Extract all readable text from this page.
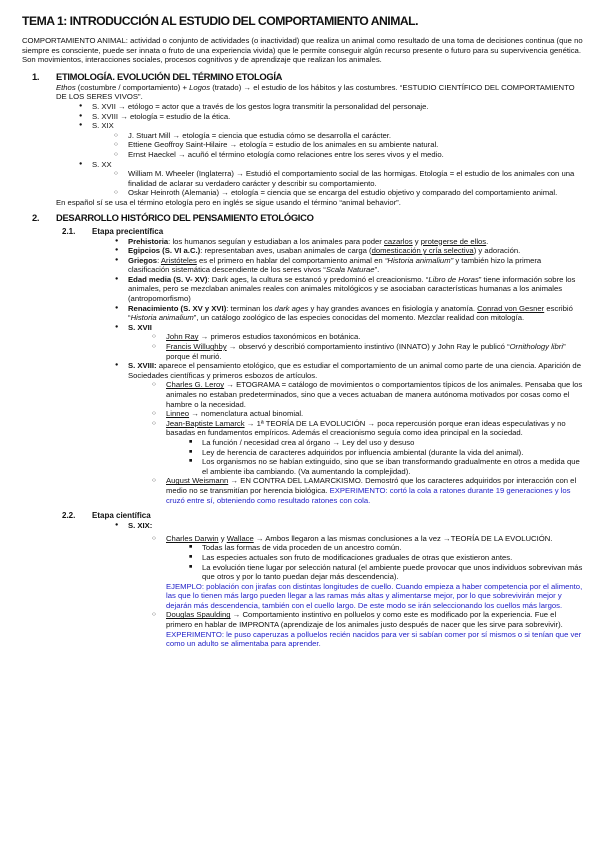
TEMA 1: INTRODUCCIÓN AL ESTUDIO DEL COMPORTAMIENTO ANIMAL.

COMPORTAMIENTO ANIMAL: actividad o conjunto de actividades (o inactividad) que realiza un animal como resultado de una toma de decisiones continua (que no siempre es consciente, puede ser innata o fruto de una experiencia vivida) que le permite conseguir algún recurso presente o futuro para su supervivencia genética. Son movimientos, interacciones sociales, procesos cognitivos y de aprendizaje que realizan los animales.

1. ETIMOLOGÍA. EVOLUCIÓN DEL TÉRMINO ETOLOGÍA

Ethos (costumbre / comportamiento) + Logos (tratado) → el estudio de los hábitos y las costumbres. “ESTUDIO CIENTÍFICO DEL COMPORTAMIENTO DE LOS SERES VIVOS”.

● S. XVII → etólogo = actor que a través de los gestos logra transmitir la personalidad del personaje.
● S. XVIII → etología = estudio de la ética.
● S. XIX
○ J. Stuart Mill → etología = ciencia que estudia cómo se desarrolla el carácter.
○ Ettiene Geoffroy Saint-Hilaire → etología = estudio de los animales en su ambiente natural.
○ Ernst Haeckel → acuñó el término etología como relaciones entre los seres vivos y el medio.
● S. XX
○ William M. Wheeler (Inglaterra) → Estudió el comportamiento social de las hormigas. Etología = el estudio de los animales con una finalidad de aclarar su verdadero carácter y describir su comportamiento.
○ Oskar Heinroth (Alemania) → etología = ciencia que se encarga del estudio objetivo y comparado del comportamiento animal.

En español sí se usa el término etología pero en inglés se sigue usando el término “animal behavior”.

2. DESARROLLO HISTÓRICO DEL PENSAMIENTO ETOLÓGICO
2.1. Etapa precientífica
● Prehistoria: los humanos seguían y estudiaban a los animales para poder cazarlos y protegerse de ellos.
● Egipcios (S. VI a.C.): representaban aves, usaban animales de carga (domesticación y cría selectiva) y adoración.
● Griegos: Aristóteles es el primero en hablar del comportamiento animal en “Historia animalium” y también hizo la primera clasificación sistemática descendiente de los seres vivos “Scala Naturae”.
● Edad media (S. V- XV): Dark ages, la cultura se estancó y predominó el creacionismo. “Libro de Horas” tiene información sobre los animales, pero se mezclaban animales reales con animales mitológicos y se asociaban características humanas a los animales (antropomorfismo)
● Renacimiento (S. XV y XVI): terminan los dark ages y hay grandes avances en fisiología y anatomía. Conrad von Gesner escribió “Historia animalium”, un catálogo zoológico de las especies conocidas del momento. Mezclar realidad con mitología.
● S. XVII
○ John Ray → primeros estudios taxonómicos en botánica.
○ Francis Willughby → observó y describió comportamiento instintivo (INNATO) y John Ray le publicó “Ornithology libri” porque él murió.
● S. XVIII: aparece el pensamiento etológico, que es estudiar el comportamiento de un animal como parte de una ciencia. Aparición de Sociedades científicas y primeros esbozos de artículos.
○ Charles G. Leroy → ETOGRAMA = catálogo de movimientos o comportamientos típicos de los animales. Pensaba que los animales no estaban predeterminados, sino que a veces actuaban de manera autónoma motivados por cosas como el hambre o la necesidad.
○ Linneo → nomenclatura actual binomial.
○ Jean-Baptiste Lamarck → 1ª TEORÍA DE LA EVOLUCIÓN → poca repercusión porque eran ideas especulativas y no basadas en fundamentos empíricos. Además el creacionismo seguía como idea principal en la sociedad.
■ La función / necesidad crea al órgano → Ley del uso y desuso
■ Ley de herencia de caracteres adquiridos por influencia ambiental (durante la vida del animal).
■ Los organismos no se habían extinguido, sino que se iban transformando gradualmente en otros a medida que el ambiente iba cambiando. (Va aumentando la complejidad).
○ August Weismann → EN CONTRA DEL LAMARCKISMO. Demostró que los caracteres adquiridos por interacción con el medio no se transmitían por herencia biológica. EXPERIMENTO: cortó la cola a ratones durante 19 generaciones y los cruzó entre sí, obteniendo como resultado ratones con cola.
2.2. Etapa científica
● S. XIX:
○ Charles Darwin y Wallace → Ambos llegaron a las mismas conclusiones a la vez →TEORÍA DE LA EVOLUCIÓN.
■ Todas las formas de vida proceden de un ancestro común.
■ Las especies actuales son fruto de modificaciones graduales de otras que existieron antes.
■ La evolución tiene lugar por selección natural (el ambiente puede provocar que unos individuos sobrevivan más que otros y por lo tanto puedan dejar más descendencia).
EJEMPLO: población con jirafas con distintas longitudes de cuello. Cuando empieza a haber competencia por el alimento, las que lo tienen más largo pueden llegar a las ramas más altas y alimentarse mejor, por lo que sobrevivirán mejor y dejarán más descendencia, también con el cuello largo. De este modo se irán seleccionando los cuellos más largos.
○ Douglas Spaulding → Comportamiento instintivo en polluelos y como este es modificado por la experiencia. Fue el primero en hablar de IMPRONTA (aprendizaje de los animales justo después de nacer que les sirve para sobrevivir). EXPERIMENTO: le puso caperuzas a polluelos recién nacidos para ver si sabían comer por sí mismos o si tenían que ver como un adulto se alimentaba para aprender.
